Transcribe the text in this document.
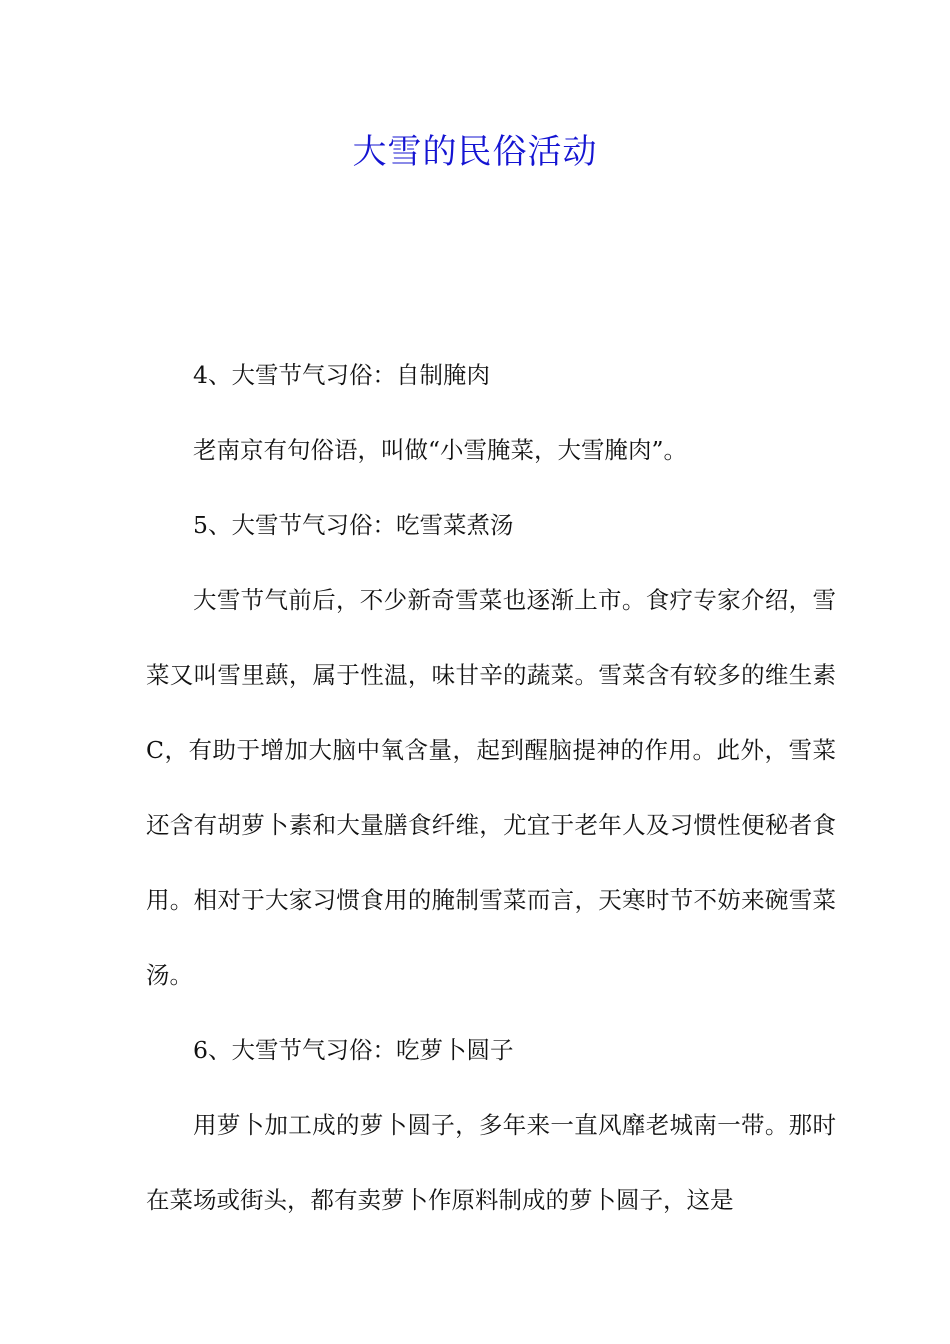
大雪的民俗活动

4、大雪节气习俗：自制腌肉

老南京有句俗语，叫做“小雪腌菜，大雪腌肉”。

5、大雪节气习俗：吃雪菜煮汤

大雪节气前后，不少新奇雪菜也逐渐上市。食疗专家介绍，雪菜又叫雪里蕻，属于性温，味甘辛的蔬菜。雪菜含有较多的维生素C，有助于增加大脑中氧含量，起到醒脑提神的作用。此外，雪菜还含有胡萝卜素和大量膳食纤维，尤宜于老年人及习惯性便秘者食用。相对于大家习惯食用的腌制雪菜而言，天寒时节不妨来碗雪菜汤。

6、大雪节气习俗：吃萝卜圆子

用萝卜加工成的萝卜圆子，多年来一直风靡老城南一带。那时在菜场或街头，都有卖萝卜作原料制成的萝卜圆子，这是
